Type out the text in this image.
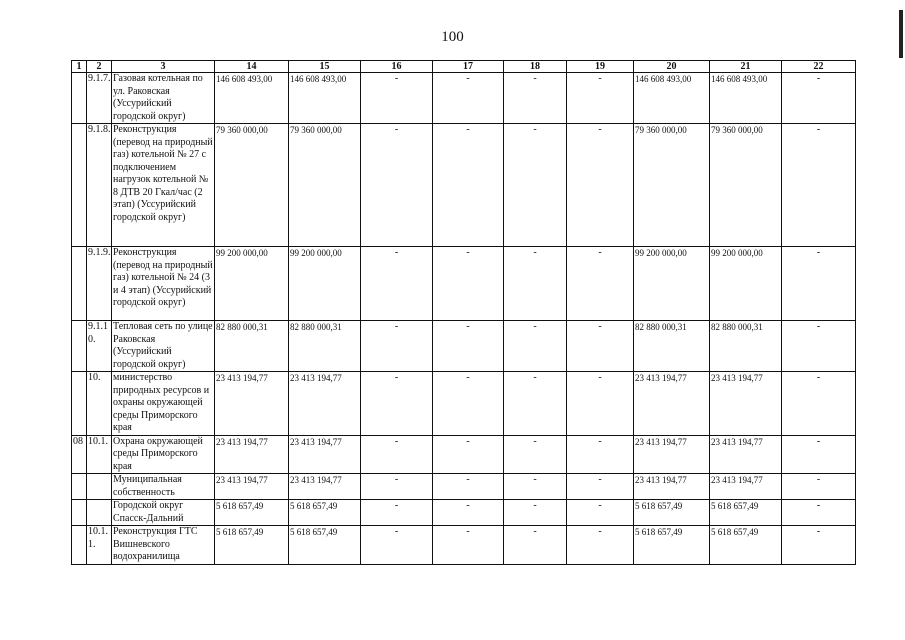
100
1	2	3	14	15	16	17	18	19	20	21	22
	9.1.7.	Газовая котельная по ул. Раковская (Уссурийский городской округ)	146 608 493,00	146 608 493,00	-	-	-	-	146 608 493,00	146 608 493,00	-
	9.1.8.	Реконструкция (перевод на природный газ) котельной № 27 с подключением нагрузок котельной № 8 ДТВ 20 Гкал/час (2 этап) (Уссурийский городской округ)	79 360 000,00	79 360 000,00	-	-	-	-	79 360 000,00	79 360 000,00	-
	9.1.9.	Реконструкция (перевод на природный газ) котельной № 24 (3 и 4 этап) (Уссурийский городской округ)	99 200 000,00	99 200 000,00	-	-	-	-	99 200 000,00	99 200 000,00	-
	9.1.1 0.	Тепловая сеть по улице Раковская (Уссурийский городской округ)	82 880 000,31	82 880 000,31	-	-	-	-	82 880 000,31	82 880 000,31	-
	10.	министерство природных ресурсов и охраны окружающей среды Приморского края	23 413 194,77	23 413 194,77	-	-	-	-	23 413 194,77	23 413 194,77	-
08	10.1.	Охрана окружающей среды Приморского края	23 413 194,77	23 413 194,77	-	-	-	-	23 413 194,77	23 413 194,77	-
		Муниципальная собственность	23 413 194,77	23 413 194,77	-	-	-	-	23 413 194,77	23 413 194,77	-
		Городской округ Спасск-Дальний	5 618 657,49	5 618 657,49	-	-	-	-	5 618 657,49	5 618 657,49	-
	10.1. 1.	Реконструкция ГТС Вишневского водохранилища	5 618 657,49	5 618 657,49	-	-	-	-	5 618 657,49	5 618 657,49	-
